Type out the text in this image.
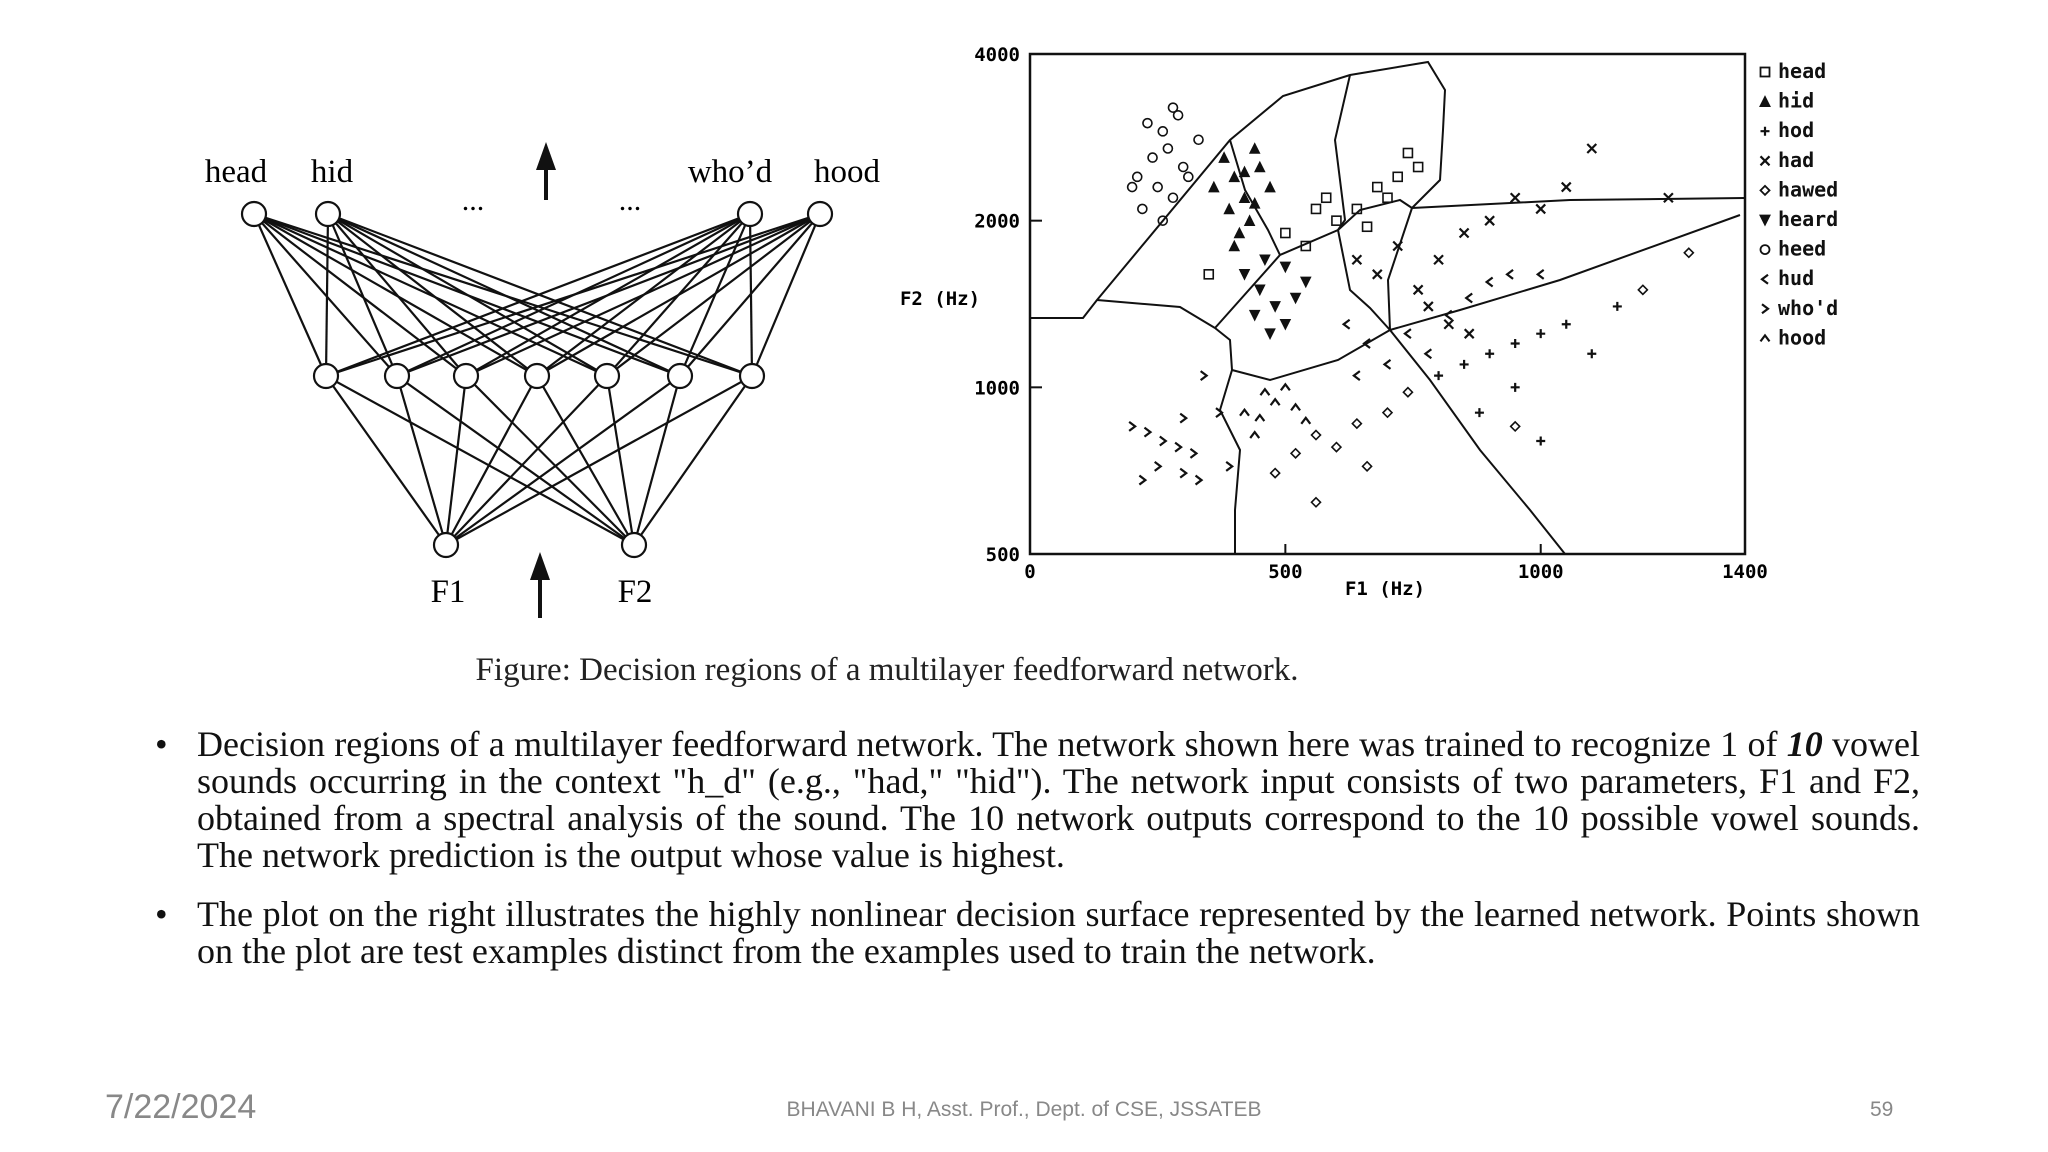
head hid	who’d hood
...	...
F1	F2
0	500	1000	1400
500
1000
2000
4000
F1 (Hz)
F2 (Hz)
head
hid
hod
had
hawed
heard
heed
hud
who'd
hood
Figure: Decision regions of a multilayer feedforward network.
• Decision regions of a multilayer feedforward network. The network shown here was trained to recognize 1 of 10 vowel sounds occurring in the context "h_d" (e.g., "had," "hid"). The network input consists of two parameters, F1 and F2, obtained from a spectral analysis of the sound. The 10 network outputs correspond to the 10 possible vowel sounds. The network prediction is the output whose value is highest.
• The plot on the right illustrates the highly nonlinear decision surface represented by the learned network. Points shown on the plot are test examples distinct from the examples used to train the network.
7/22/2024	BHAVANI B H, Asst. Prof., Dept. of CSE, JSSATEB	59
